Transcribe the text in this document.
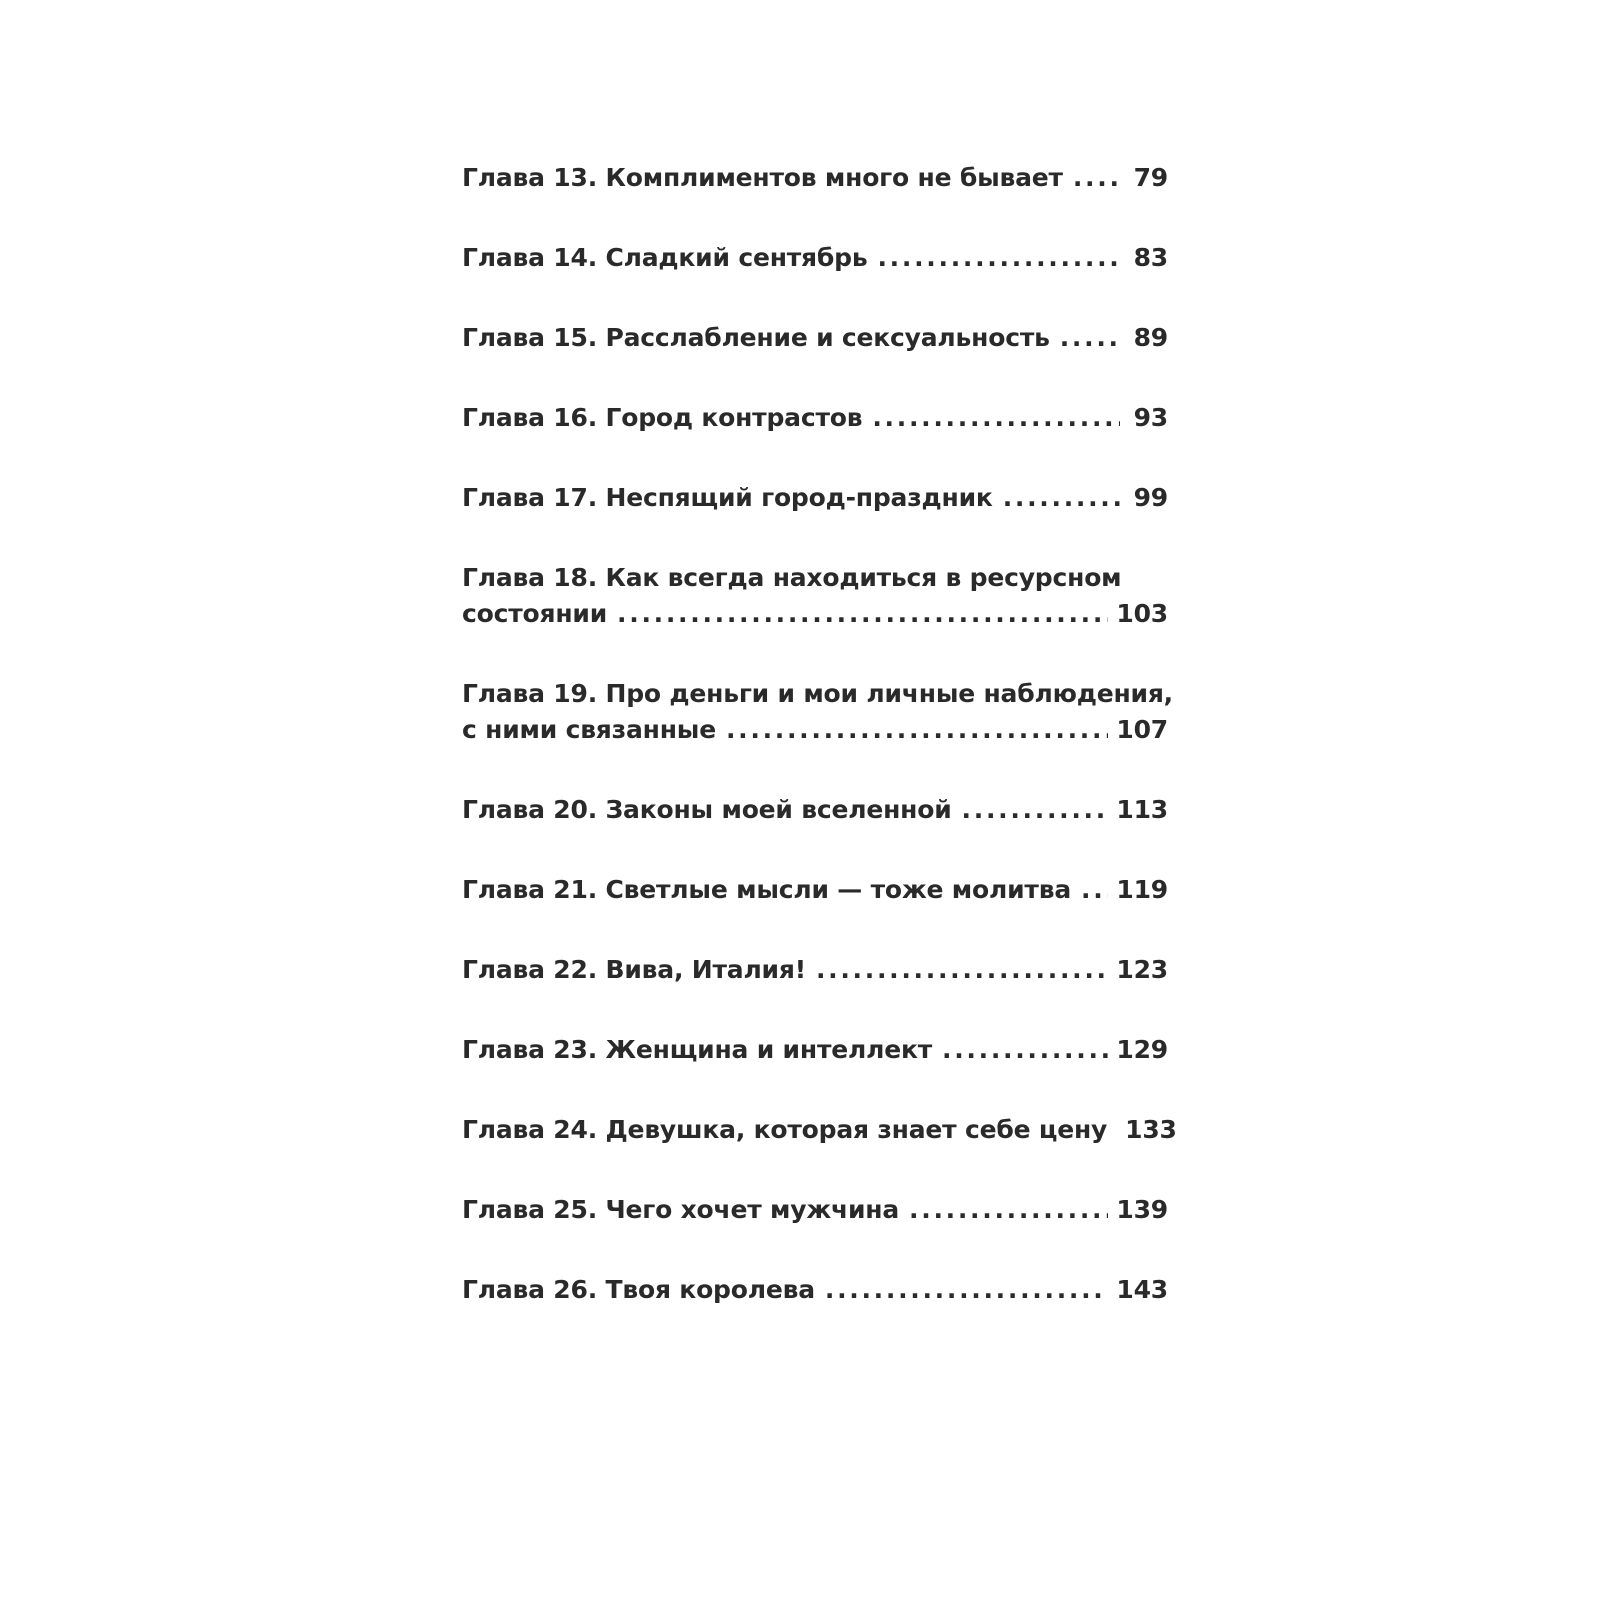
Глава 13. Комплиментов много не бывает . . .	79
Глава 14. Сладкий сентябрь . . .	83
Глава 15. Расслабление и сексуальность . . .	89
Глава 16. Город контрастов . . .	93
Глава 17. Неспящий город-праздник . . .	99
Глава 18. Как всегда находиться в ресурсном
состоянии . . .	103
Глава 19. Про деньги и мои личные наблюдения,
с ними связанные . . .	107
Глава 20. Законы моей вселенной . . .	113
Глава 21. Светлые мысли — тоже молитва . . . 119
Глава 22. Вива, Италия! . . .	123
Глава 23. Женщина и интеллект . . .	129
Глава 24. Девушка, которая знает себе цену 133
Глава 25. Чего хочет мужчина . . .	139
Глава 26. Твоя королева . . .	143
